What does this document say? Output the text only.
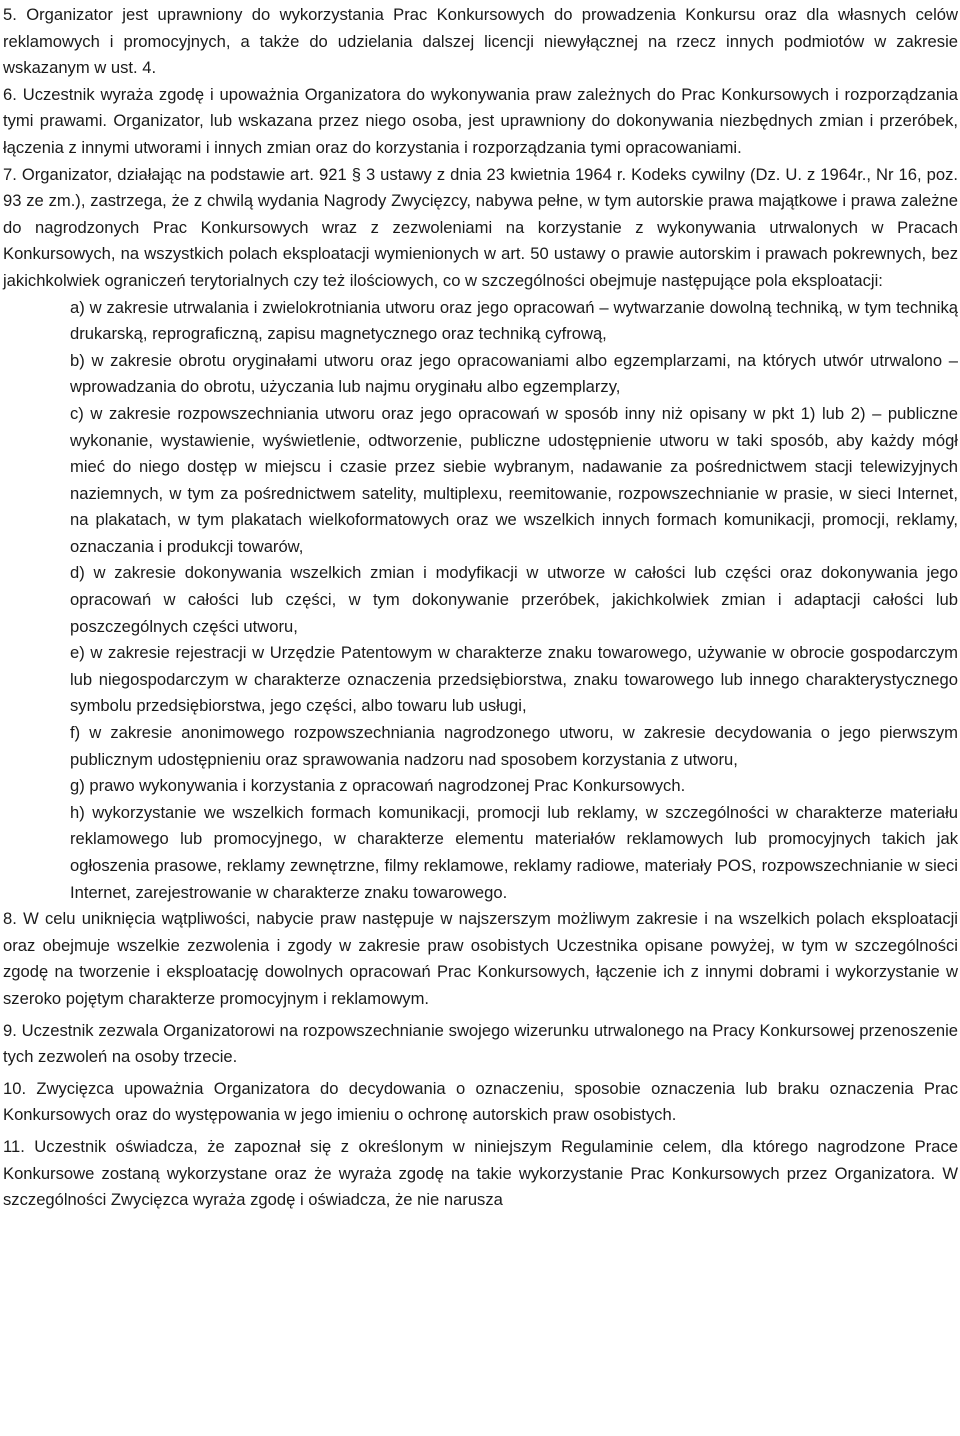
5. Organizator jest uprawniony do wykorzystania Prac Konkursowych do prowadzenia Konkursu oraz dla własnych celów reklamowych i promocyjnych, a także do udzielania dalszej licencji niewyłącznej na rzecz innych podmiotów w zakresie wskazanym w ust. 4.

6. Uczestnik wyraża zgodę i upoważnia Organizatora do wykonywania praw zależnych do Prac Konkursowych i rozporządzania tymi prawami. Organizator, lub wskazana przez niego osoba, jest uprawniony do dokonywania niezbędnych zmian i przeróbek, łączenia z innymi utworami i innych zmian oraz do korzystania i rozporządzania tymi opracowaniami.

7. Organizator, działając na podstawie art. 921 § 3 ustawy z dnia 23 kwietnia 1964 r. Kodeks cywilny (Dz. U. z 1964r., Nr 16, poz. 93 ze zm.), zastrzega, że z chwilą wydania Nagrody Zwycięzcy, nabywa pełne, w tym autorskie prawa majątkowe i prawa zależne do nagrodzonych Prac Konkursowych wraz z zezwoleniami na korzystanie z wykonywania utrwalonych w Pracach Konkursowych, na wszystkich polach eksploatacji wymienionych w art. 50 ustawy o prawie autorskim i prawach pokrewnych, bez jakichkolwiek ograniczeń terytorialnych czy też ilościowych, co w szczególności obejmuje następujące pola eksploatacji:

a) w zakresie utrwalania i zwielokrotniania utworu oraz jego opracowań – wytwarzanie dowolną techniką, w tym techniką drukarską, reprograficzną, zapisu magnetycznego oraz techniką cyfrową,

b) w zakresie obrotu oryginałami utworu oraz jego opracowaniami albo egzemplarzami, na których utwór utrwalono – wprowadzania do obrotu, użyczania lub najmu oryginału albo egzemplarzy,

c) w zakresie rozpowszechniania utworu oraz jego opracowań w sposób inny niż opisany w pkt 1) lub 2) – publiczne wykonanie, wystawienie, wyświetlenie, odtworzenie, publiczne udostępnienie utworu w taki sposób, aby każdy mógł mieć do niego dostęp w miejscu i czasie przez siebie wybranym, nadawanie za pośrednictwem stacji telewizyjnych naziemnych, w tym za pośrednictwem satelity, multiplexu, reemitowanie, rozpowszechnianie w prasie, w sieci Internet, na plakatach, w tym plakatach wielkoformatowych oraz we wszelkich innych formach komunikacji, promocji, reklamy, oznaczania i produkcji towarów,

d) w zakresie dokonywania wszelkich zmian i modyfikacji w utworze w całości lub części oraz dokonywania jego opracowań w całości lub części, w tym dokonywanie przeróbek, jakichkolwiek zmian i adaptacji całości lub poszczególnych części utworu,

e) w zakresie rejestracji w Urzędzie Patentowym w charakterze znaku towarowego, używanie w obrocie gospodarczym lub niegospodarczym w charakterze oznaczenia przedsiębiorstwa, znaku towarowego lub innego charakterystycznego symbolu przedsiębiorstwa, jego części, albo towaru lub usługi,

f) w zakresie anonimowego rozpowszechniania nagrodzonego utworu, w zakresie decydowania o jego pierwszym publicznym udostępnieniu oraz sprawowania nadzoru nad sposobem korzystania z utworu,

g) prawo wykonywania i korzystania z opracowań nagrodzonej Prac Konkursowych.

h) wykorzystanie we wszelkich formach komunikacji, promocji lub reklamy, w szczególności w charakterze materiału reklamowego lub promocyjnego, w charakterze elementu materiałów reklamowych lub promocyjnych takich jak ogłoszenia prasowe, reklamy zewnętrzne, filmy reklamowe, reklamy radiowe, materiały POS, rozpowszechnianie w sieci Internet, zarejestrowanie w charakterze znaku towarowego.

8. W celu uniknięcia wątpliwości, nabycie praw następuje w najszerszym możliwym zakresie i na wszelkich polach eksploatacji oraz obejmuje wszelkie zezwolenia i zgody w zakresie praw osobistych Uczestnika opisane powyżej, w tym w szczególności zgodę na tworzenie i eksploatację dowolnych opracowań Prac Konkursowych, łączenie ich z innymi dobrami i wykorzystanie w szeroko pojętym charakterze promocyjnym i reklamowym.

9. Uczestnik zezwala Organizatorowi na rozpowszechnianie swojego wizerunku utrwalonego na Pracy Konkursowej przenoszenie tych zezwoleń na osoby trzecie.

10. Zwycięzca upoważnia Organizatora do decydowania o oznaczeniu, sposobie oznaczenia lub braku oznaczenia Prac Konkursowych oraz do występowania w jego imieniu o ochronę autorskich praw osobistych.

11. Uczestnik oświadcza, że zapoznał się z określonym w niniejszym Regulaminie celem, dla którego nagrodzone Prace Konkursowe zostaną wykorzystane oraz że wyraża zgodę na takie wykorzystanie Prac Konkursowych przez Organizatora. W szczególności Zwycięzca wyraża zgodę i oświadcza, że nie narusza
